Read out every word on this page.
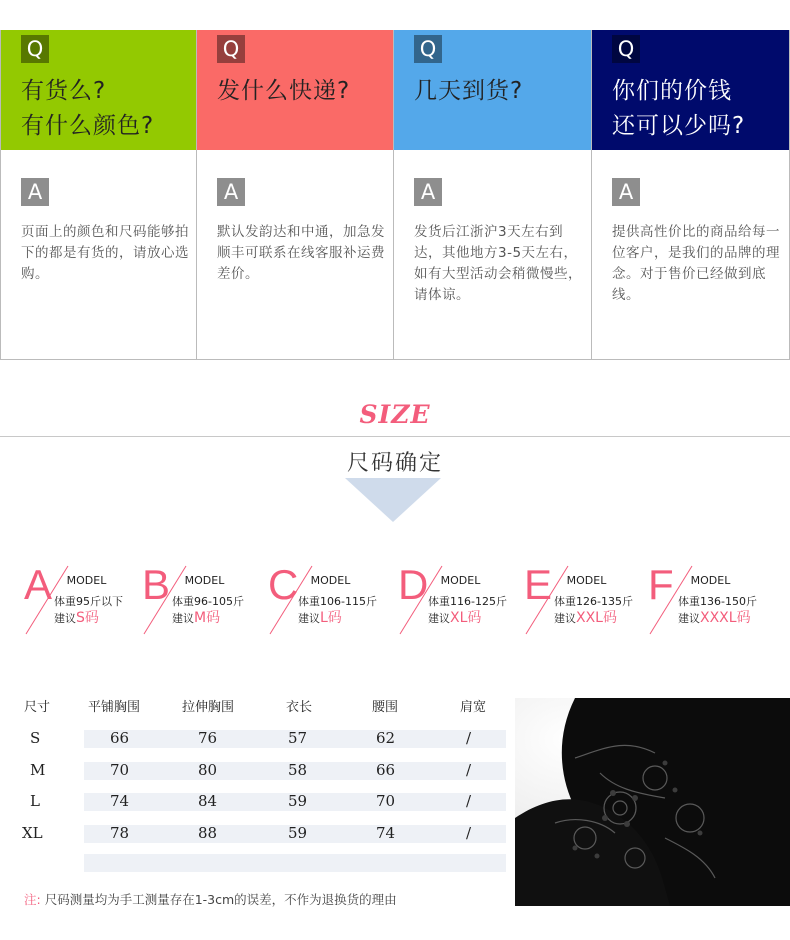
Q
有货么?
有什么颜色?
A
页面上的颜色和尺码能够拍下的都是有货的，请放心选购。
Q
发什么快递?
A
默认发韵达和中通，加急发顺丰可联系在线客服补运费差价。
Q
几天到货?
A
发货后江浙沪3天左右到达，其他地方3-5天左右，如有大型活动会稍微慢些，请体谅。
Q
你们的价钱
还可以少吗?
A
提供高性价比的商品给每一位客户，是我们的品牌的理念。对于售价已经做到底线。
SIZE
尺码确定
A	MODEL
体重95斤以下
建议S码
B	MODEL
体重96-105斤
建议M码
C	MODEL
体重106-115斤
建议L码
D	MODEL
体重116-125斤
建议XL码
E	MODEL
体重126-135斤
建议XXL码
F	MODEL
体重136-150斤
建议XXXL码
尺寸	平铺胸围	拉伸胸围	衣长	腰围	肩宽
S	66	76	57	62	/
M	70	80	58	66	/
L	74	84	59	70	/
XL	78	88	59	74	/
注: 尺码测量均为手工测量存在1-3cm的误差，不作为退换货的理由
